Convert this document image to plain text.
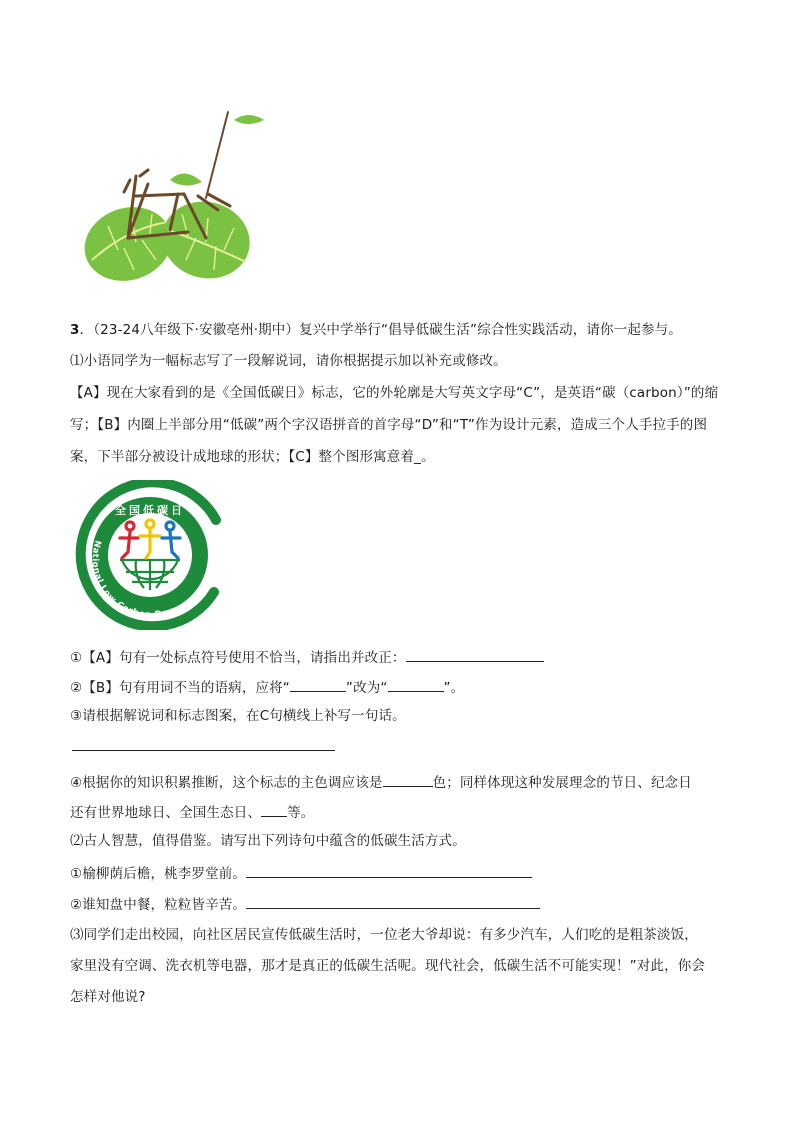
3．（23-24八年级下·安徽亳州·期中）复兴中学举行“倡导低碳生活”综合性实践活动，请你一起参与。
⑴小语同学为一幅标志写了一段解说词，请你根据提示加以补充或修改。
【A】现在大家看到的是《全国低碳日》标志，它的外轮廓是大写英文字母“C”，是英语“碳（carbon）”的缩
写；【B】内圈上半部分用“低碳”两个字汉语拼音的首字母“D”和“T”作为设计元素，造成三个人手拉手的图
案，下半部分被设计成地球的形状；【C】整个图形寓意着_。
全国低碳日
National Low Carbon Day
①【A】句有一处标点符号使用不恰当，请指出并改正：
②【B】句有用词不当的语病，应将“	”改为“	”。
③请根据解说词和标志图案，在C句横线上补写一句话。
④根据你的知识积累推断，这个标志的主色调应该是	色；同样体现这种发展理念的节日、纪念日
还有世界地球日、全国生态日、 等。
⑵古人智慧，值得借鉴。请写出下列诗句中蕴含的低碳生活方式。
①榆柳荫后檐，桃李罗堂前。
②谁知盘中餐，粒粒皆辛苦。
⑶同学们走出校园，向社区居民宣传低碳生活时，一位老大爷却说：有多少汽车，人们吃的是粗茶淡饭，
家里没有空调、洗衣机等电器，那才是真正的低碳生活呢。现代社会，低碳生活不可能实现！”对此，你会
怎样对他说?
